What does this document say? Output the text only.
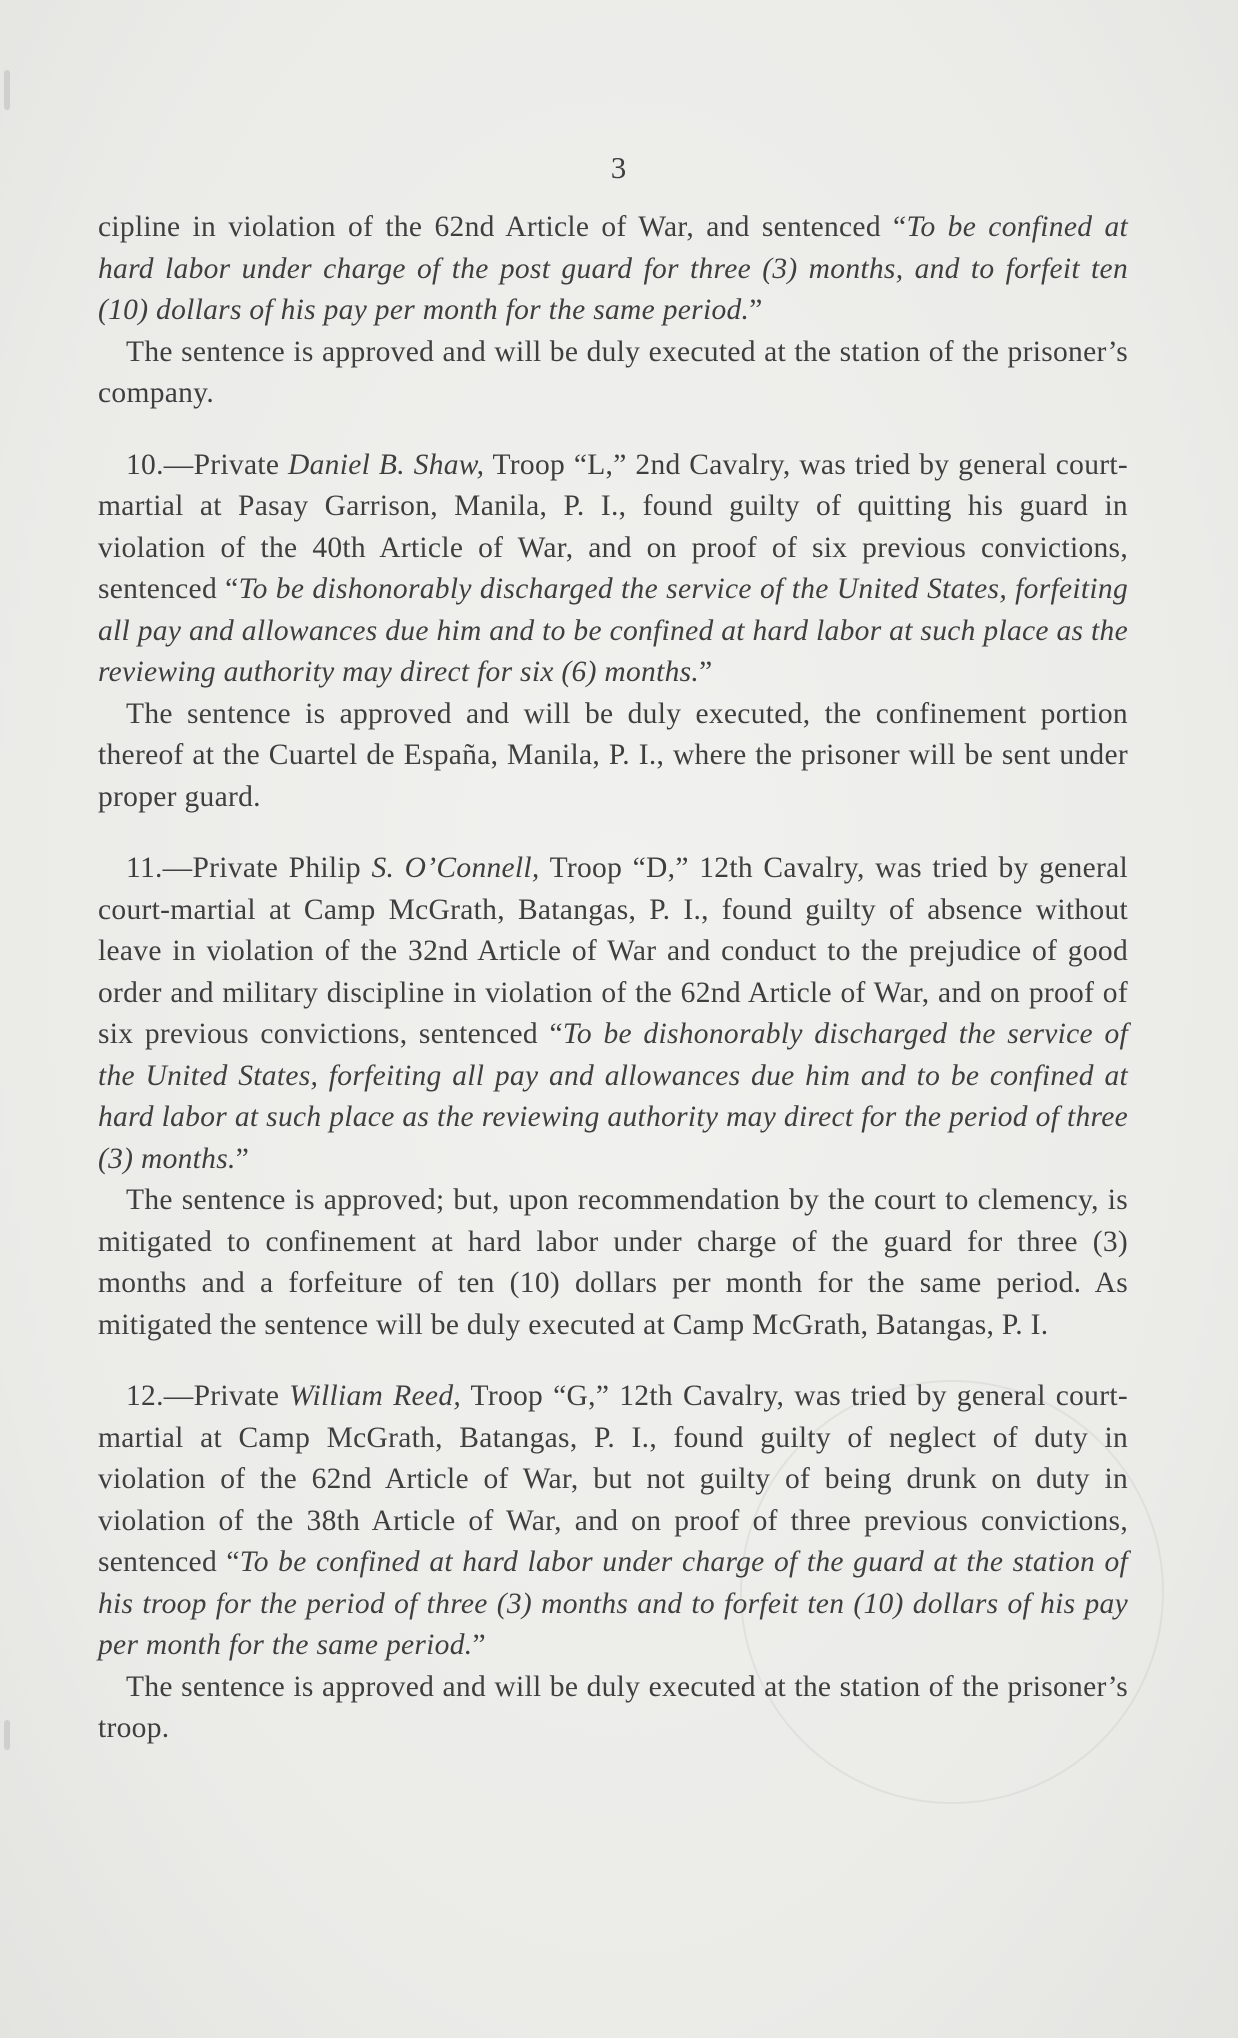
3

cipline in violation of the 62nd Article of War, and sentenced “To be confined at hard labor under charge of the post guard for three (3) months, and to forfeit ten (10) dollars of his pay per month for the same period.”

The sentence is approved and will be duly executed at the station of the prisoner’s company.

10.—Private Daniel B. Shaw, Troop “L,” 2nd Cavalry, was tried by general court-martial at Pasay Garrison, Manila, P. I., found guilty of quitting his guard in violation of the 40th Article of War, and on proof of six previous convictions, sentenced “To be dishonorably discharged the service of the United States, forfeiting all pay and allowances due him and to be confined at hard labor at such place as the reviewing authority may direct for six (6) months.”

The sentence is approved and will be duly executed, the confinement portion thereof at the Cuartel de España, Manila, P. I., where the prisoner will be sent under proper guard.

11.—Private Philip S. O’Connell, Troop “D,” 12th Cavalry, was tried by general court-martial at Camp McGrath, Batangas, P. I., found guilty of absence without leave in violation of the 32nd Article of War and conduct to the prejudice of good order and military discipline in violation of the 62nd Article of War, and on proof of six previous convictions, sentenced “To be dishonorably discharged the service of the United States, forfeiting all pay and allowances due him and to be confined at hard labor at such place as the reviewing authority may direct for the period of three (3) months.”

The sentence is approved; but, upon recommendation by the court to clemency, is mitigated to confinement at hard labor under charge of the guard for three (3) months and a forfeiture of ten (10) dollars per month for the same period. As mitigated the sentence will be duly executed at Camp McGrath, Batangas, P. I.

12.—Private William Reed, Troop “G,” 12th Cavalry, was tried by general court-martial at Camp McGrath, Batangas, P. I., found guilty of neglect of duty in violation of the 62nd Article of War, but not guilty of being drunk on duty in violation of the 38th Article of War, and on proof of three previous convictions, sentenced “To be confined at hard labor under charge of the guard at the station of his troop for the period of three (3) months and to forfeit ten (10) dollars of his pay per month for the same period.”

The sentence is approved and will be duly executed at the station of the prisoner’s troop.
